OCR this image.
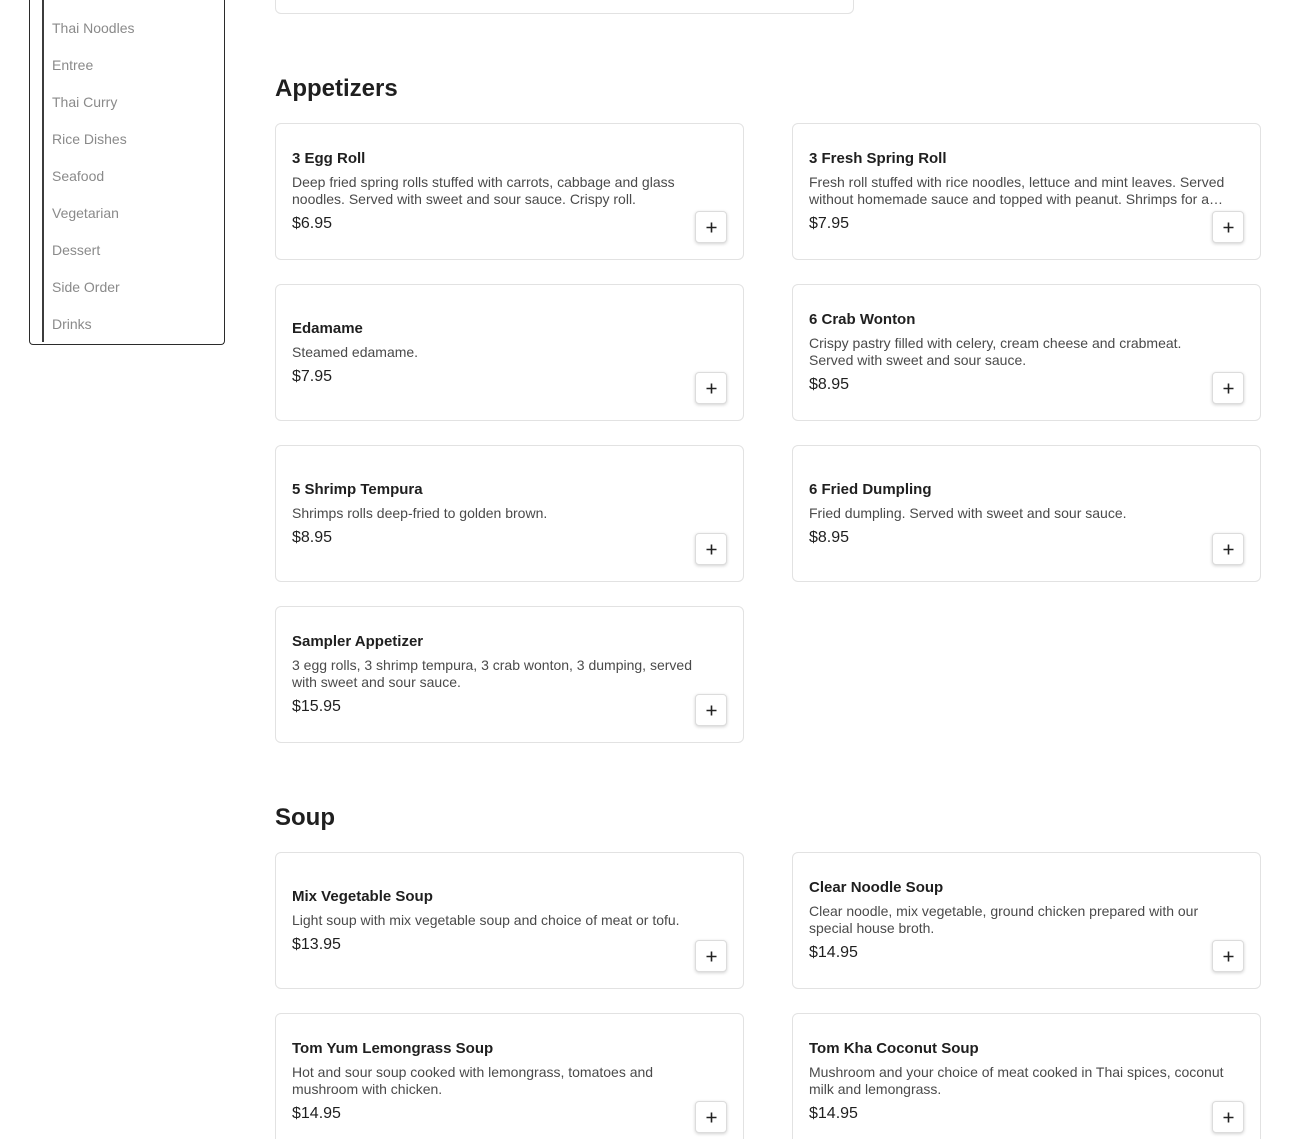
Thai Noodles
Entree
Thai Curry
Rice Dishes
Seafood
Vegetarian
Dessert
Side Order
Drinks
Appetizers
3 Egg Roll
Deep fried spring rolls stuffed with carrots, cabbage and glass noodles. Served with sweet and sour sauce. Crispy roll.
$6.95
3 Fresh Spring Roll
Fresh roll stuffed with rice noodles, lettuce and mint leaves. Served without homemade sauce and topped with peanut. Shrimps for an
$7.95
Edamame
Steamed edamame.
$7.95
6 Crab Wonton
Crispy pastry filled with celery, cream cheese and crabmeat. Served with sweet and sour sauce.
$8.95
5 Shrimp Tempura
Shrimps rolls deep-fried to golden brown.
$8.95
6 Fried Dumpling
Fried dumpling. Served with sweet and sour sauce.
$8.95
Sampler Appetizer
3 egg rolls, 3 shrimp tempura, 3 crab wonton, 3 dumping, served with sweet and sour sauce.
$15.95
Soup
Mix Vegetable Soup
Light soup with mix vegetable soup and choice of meat or tofu.
$13.95
Clear Noodle Soup
Clear noodle, mix vegetable, ground chicken prepared with our special house broth.
$14.95
Tom Yum Lemongrass Soup
Hot and sour soup cooked with lemongrass, tomatoes and mushroom with chicken.
$14.95
Tom Kha Coconut Soup
Mushroom and your choice of meat cooked in Thai spices, coconut milk and lemongrass.
$14.95
